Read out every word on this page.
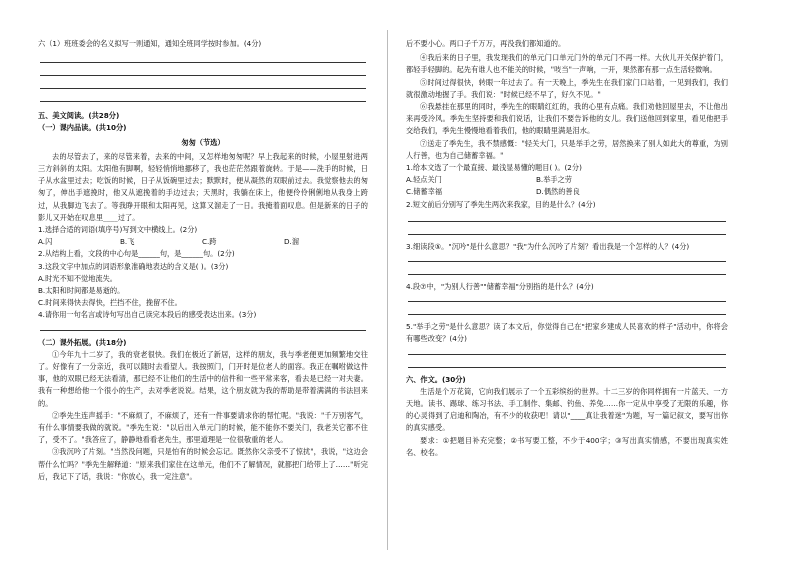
六（1）班班委会的名义拟写一则通知，通知全班同学按时参加。(4分)
五、美文阅读。(共28分)
（一）课内品读。(共10分)
匆匆（节选）
去的尽管去了，来的尽管来着，去来的中间，又怎样地匆匆呢？早上我起来的时候，小屋里射进两三方斜斜的太阳。太阳他有脚啊，轻轻悄悄地挪移了，我也茫茫然跟着旋转。于是——洗手的时候，日子从水盆里过去；吃饭的时候，日子从饭碗里过去；默默时，便从凝然的双眼前过去。我觉察他去的匆匆了，伸出手遮挽时，他又从遮挽着的手边过去；天黑时，我躺在床上，他便伶伶俐俐地从我身上跨过，从我脚边飞去了。等我睁开眼和太阳再见，这算又溜走了一日。我掩着面叹息。但是新来的日子的影儿又开始在叹息里____过了。
1.选择合适的词语(填序号)写到文中横线上。(2分)
A.闪	B.飞	C.跨	D.溜
2.从结构上看，文段的中心句是______句，是______句。(2分)
3.这段文字中加点的词语形象准确地表达的含义是( )。(3分)
A.时光不知不觉地流失。
B.太阳和时间都是易逝的。
C.时间来得快去得快，拦挡不住，挽留不住。
4.请你用一句名言或诗句写出自己读完本段后的感受表达出来。(3分)
（二）课外拓展。(共18分)
①今年九十二岁了，我的衰老很快。我们在极近了新居，这样的朋友，我与季老便更加频繁地交往了。好像有了一分亲近，我可以随时去看望人。我按照门，门开时是位老人的面容。我正在嘱咐做这件事，他的双眼已经无法看清，那已经不让他们的生活中的信件和一些平常来客，看去是已经一对夫妻。我有一种想给他一个很小的生产，去对季老说说。结果，这个朋友就为我的帮助是带着满满的书法回来的。
②季先生连声摇手："不麻烦了，不麻烦了，还有一件事要请求你的帮忙呢。"我说："千万别客气，有什么事情要我做的就说。"季先生说："以后出入单元门的时候，能不能你不要关门，我老关它都不住了，受不了。"我答应了，静静地看看老先生，那里道理是一位很敬重的老人。
③我沉吟了片刻。"当然没问题，只是怕有的时候会忘记。既然你父亲受不了惊扰"，我说，"这边会帮什么忙吗？"季先生解释道："原来我们家住在这单元，他们不了解情况，就都把门给带上了……"听完后，我记下了话，我说："你放心，我一定注意"。
后不要小心。两口子千万万，再没我们都知道的。
④我后来的日子里，我发现我们的单元门口单元门外的单元门不再一样。大伙儿开关保护着门，都轻手轻脚的。起先有谁人也不能关的时候，"吱当"一声响，一开，果然都有那一点生活轻微响。
⑤时间过得很快，转眼一年过去了。有一天晚上，季先生在我们家门口站着，一见到我们，我们就很激动地握了手。我们说："时候已经不早了，好久不见。"
⑥我悬挂在那里的同时，季先生的眼睛红红的，我的心里有点痛。我们劝他回屋里去，不让他出来再受冷风。季先生坚持要和我们说话，让我们不要告诉他的女儿。我们送他回到家里，看见他把手交给我们，季先生慢慢地看着我们，他的眼睛里满是泪水。
⑦送走了季先生，我不禁感慨："轻关大门，只是举手之劳，居然换来了别人如此大的尊重，为别人行善，也为自己储蓄幸福。"
1.给本文选了一个最直接、最浅显易懂的题目( )。(2分)
A.轻点关门	B.举手之劳
C.储蓄幸福	D.偶然的善良
2.短文前后分别写了季先生两次来我家，目的是什么？(4分)
3.细读段⑤。"沉吟"是什么意思？"我"为什么沉吟了片刻？看出我是一个怎样的人？(4分)
4.段⑦中，"为别人行善""储蓄幸福"分别指的是什么？(4分)
5."举手之劳"是什么意思？读了本文后，你觉得自己在"把家乡建成人民喜欢的样子"活动中，你将会有哪些改变？(4分)
六、作文。(30分)
生活是个万花筒，它向我们展示了一个五彩缤纷的世界。十二三岁的你同样拥有一片蓝天、一方天地。读书、踢球、练习书法、手工制作、集邮、钓鱼、养兔……你一定从中享受了无限的乐趣，你的心灵得到了启迪和陶冶，有不少的收获吧！请以"____真让我着迷"为题，写一篇记叙文，要写出你的真实感受。
要求：①把题目补充完整；②书写要工整，不少于400字；③写出真实情感，不要出现真实姓名、校名。
